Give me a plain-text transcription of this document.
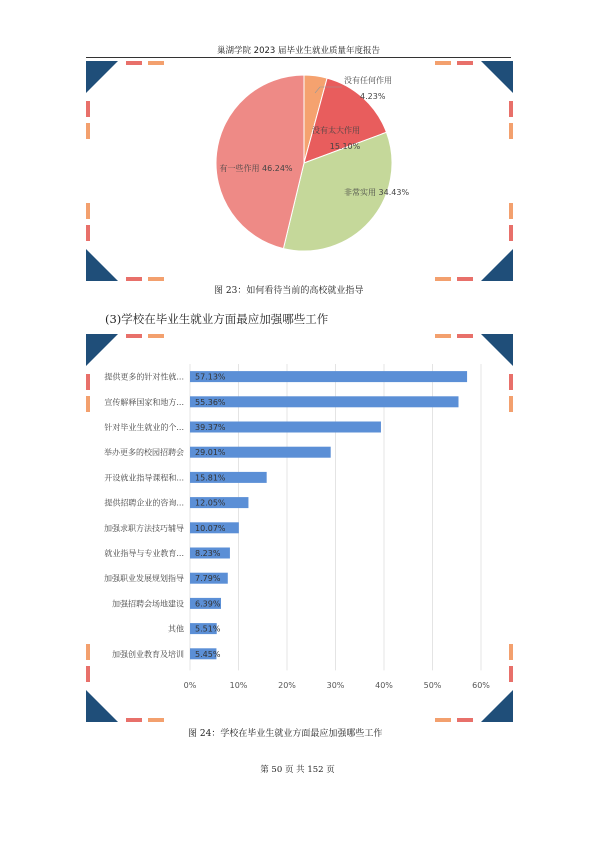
巢湖学院 2023 届毕业生就业质量年度报告
没有任何作用
4.23%
没有太大作用
15.10%
非常实用 34.43%
有一些作用 46.24%
图 23：如何看待当前的高校就业指导
(3)学校在毕业生就业方面最应加强哪些工作
0%	10%	20%	30%	40%	50%	60%
提供更多的针对性就... 57.13%
宣传解释国家和地方... 55.36%
针对毕业生就业的个... 39.37%
举办更多的校园招聘会 29.01%
开设就业指导课程和... 15.81%
提供招聘企业的咨询... 12.05%
加强求职方法技巧辅导 10.07%
就业指导与专业教育... 8.23%
加强职业发展规划指导 7.79%
加强招聘会场地建设 6.39%
其他 5.51%
加强创业教育及培训 5.45%
图 24：学校在毕业生就业方面最应加强哪些工作
第 50 页 共 152 页
